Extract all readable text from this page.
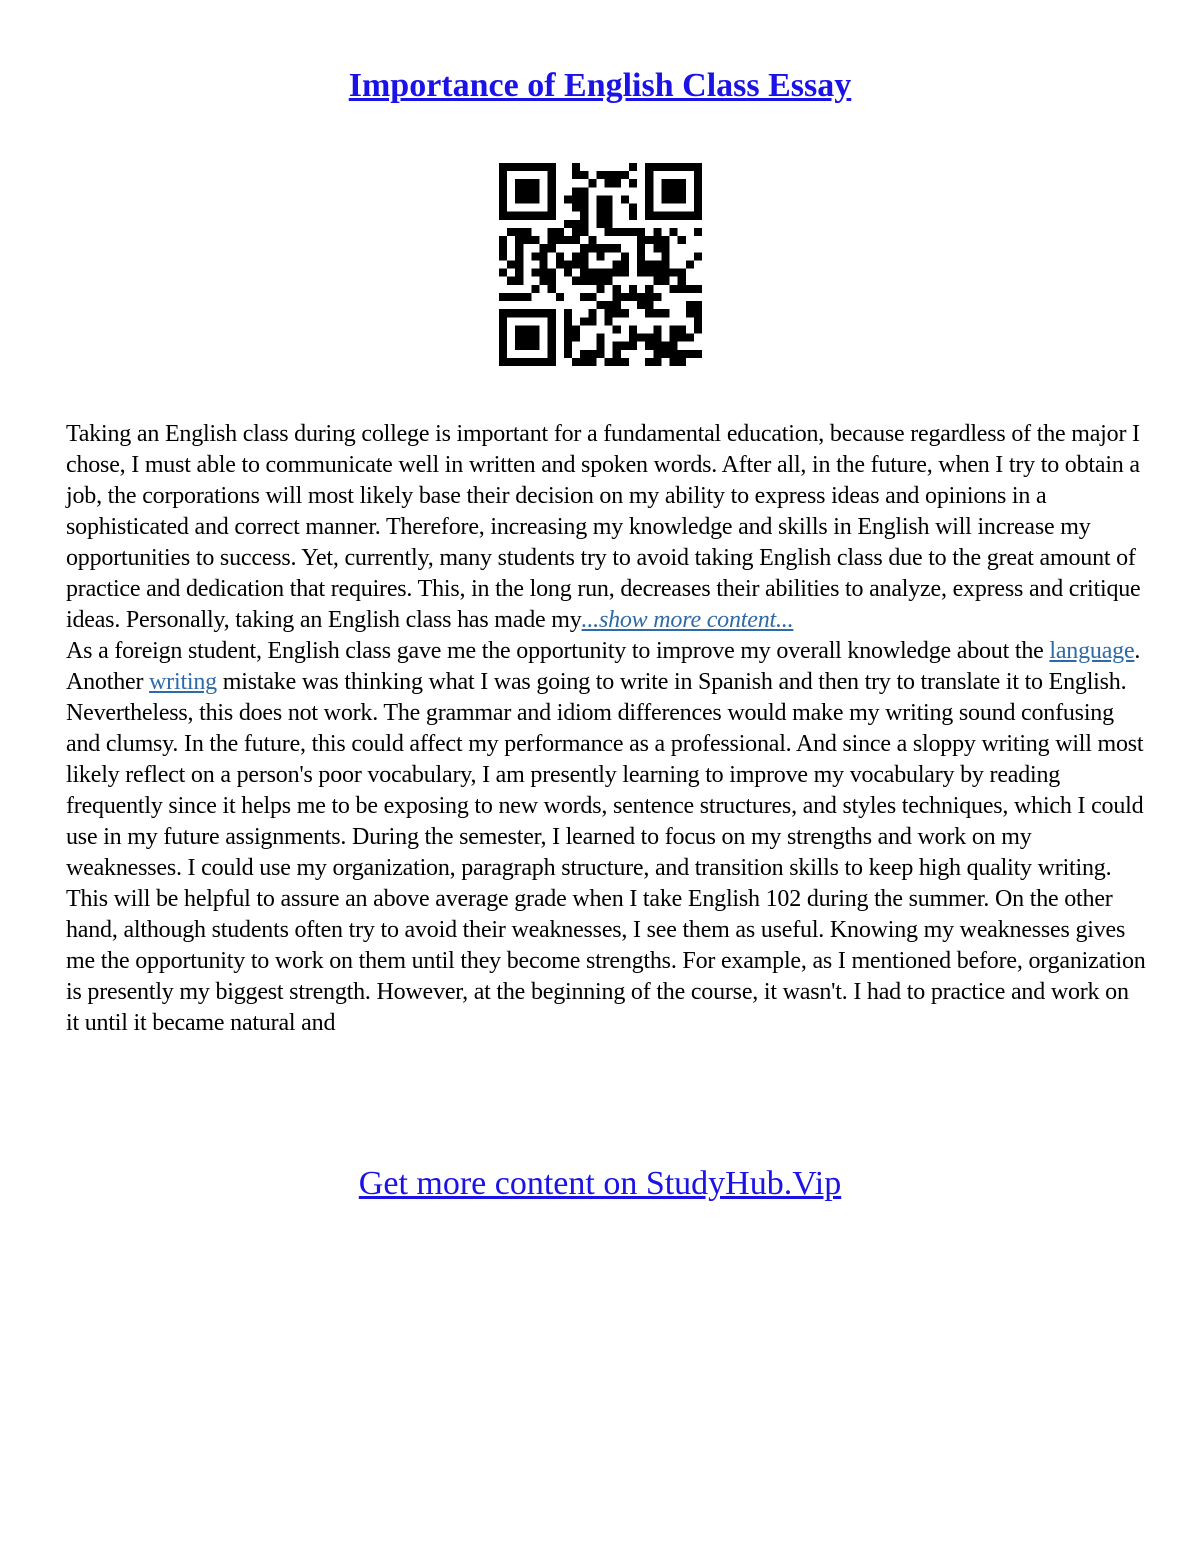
Importance of English Class Essay

Taking an English class during college is important for a fundamental education, because regardless of the major I chose, I must able to communicate well in written and spoken words. After all, in the future, when I try to obtain a job, the corporations will most likely base their decision on my ability to express ideas and opinions in a sophisticated and correct manner. Therefore, increasing my knowledge and skills in English will increase my opportunities to success. Yet, currently, many students try to avoid taking English class due to the great amount of practice and dedication that requires. This, in the long run, decreases their abilities to analyze, express and critique ideas. Personally, taking an English class has made my...show more content...

As a foreign student, English class gave me the opportunity to improve my overall knowledge about the language. Another writing mistake was thinking what I was going to write in Spanish and then try to translate it to English. Nevertheless, this does not work. The grammar and idiom differences would make my writing sound confusing and clumsy. In the future, this could affect my performance as a professional. And since a sloppy writing will most likely reflect on a person's poor vocabulary, I am presently learning to improve my vocabulary by reading frequently since it helps me to be exposing to new words, sentence structures, and styles techniques, which I could use in my future assignments. During the semester, I learned to focus on my strengths and work on my weaknesses. I could use my organization, paragraph structure, and transition skills to keep high quality writing. This will be helpful to assure an above average grade when I take English 102 during the summer. On the other hand, although students often try to avoid their weaknesses, I see them as useful. Knowing my weaknesses gives me the opportunity to work on them until they become strengths. For example, as I mentioned before, organization is presently my biggest strength. However, at the beginning of the course, it wasn't. I had to practice and work on it until it became natural and

Get more content on StudyHub.Vip
